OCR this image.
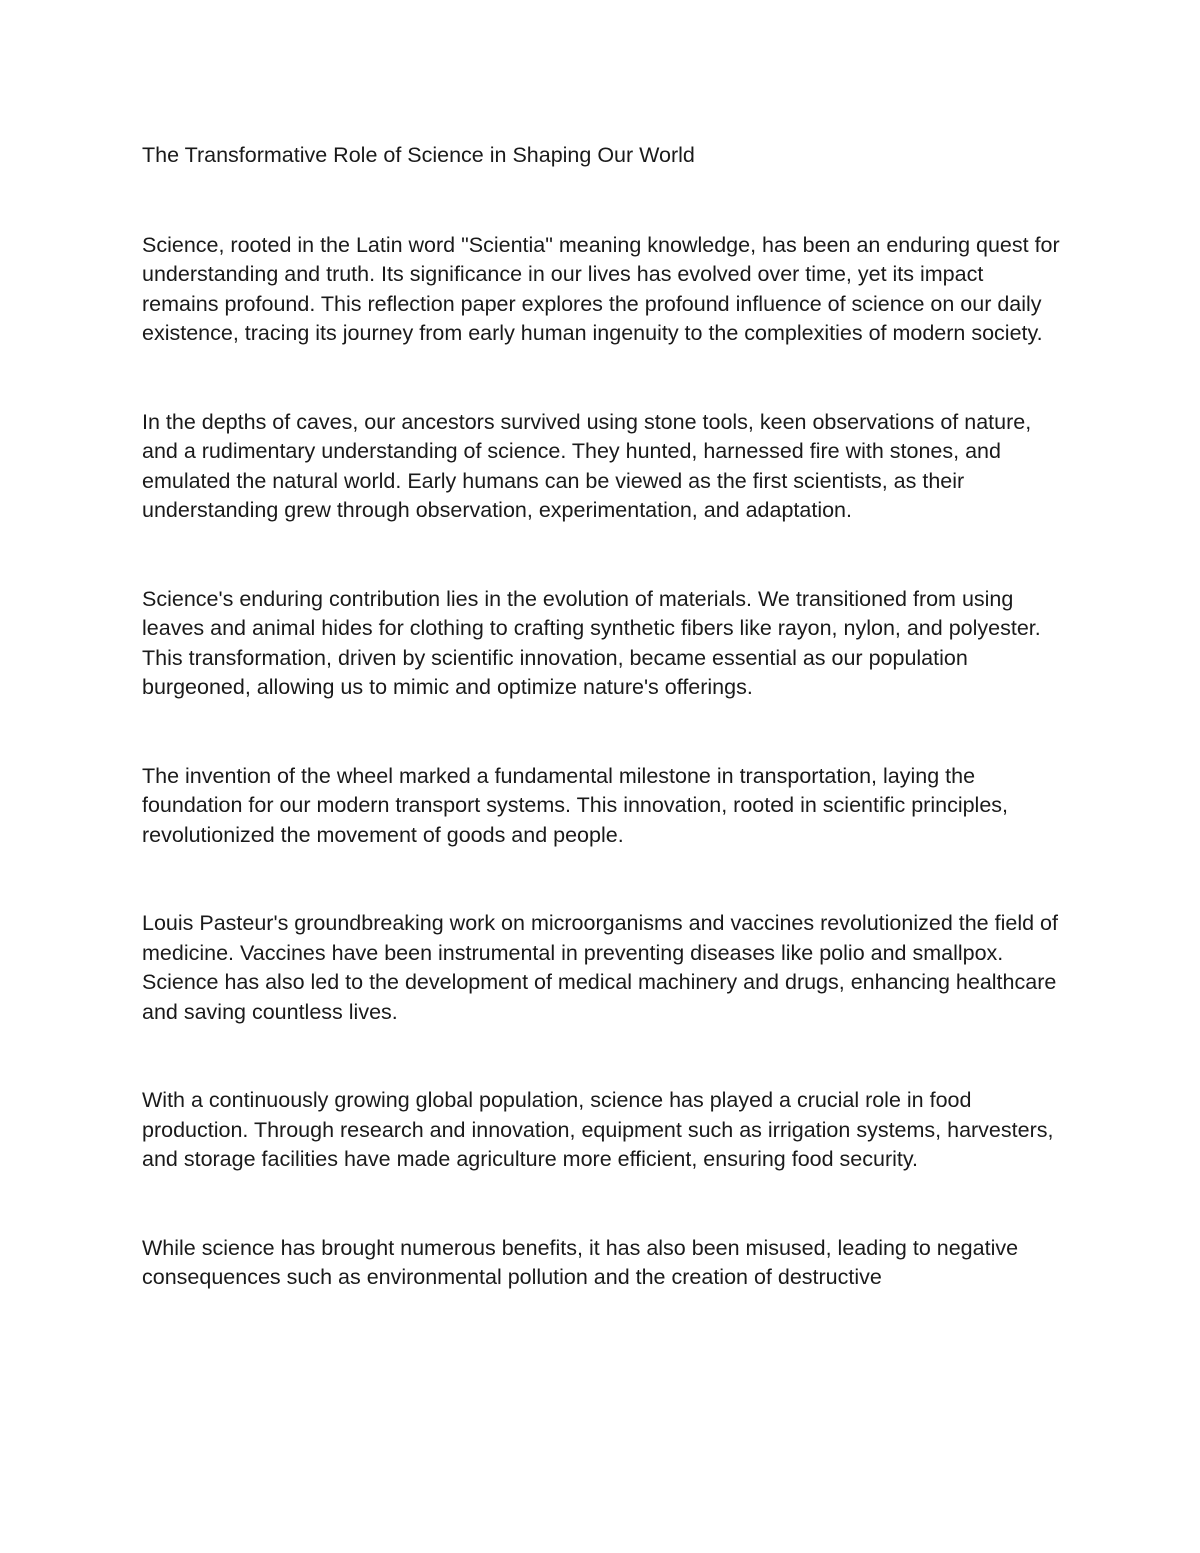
The Transformative Role of Science in Shaping Our World

Science, rooted in the Latin word "Scientia" meaning knowledge, has been an enduring quest for understanding and truth. Its significance in our lives has evolved over time, yet its impact remains profound. This reflection paper explores the profound influence of science on our daily existence, tracing its journey from early human ingenuity to the complexities of modern society.

In the depths of caves, our ancestors survived using stone tools, keen observations of nature, and a rudimentary understanding of science. They hunted, harnessed fire with stones, and emulated the natural world. Early humans can be viewed as the first scientists, as their understanding grew through observation, experimentation, and adaptation.

Science's enduring contribution lies in the evolution of materials. We transitioned from using leaves and animal hides for clothing to crafting synthetic fibers like rayon, nylon, and polyester. This transformation, driven by scientific innovation, became essential as our population burgeoned, allowing us to mimic and optimize nature's offerings.

The invention of the wheel marked a fundamental milestone in transportation, laying the foundation for our modern transport systems. This innovation, rooted in scientific principles, revolutionized the movement of goods and people.

Louis Pasteur's groundbreaking work on microorganisms and vaccines revolutionized the field of medicine. Vaccines have been instrumental in preventing diseases like polio and smallpox. Science has also led to the development of medical machinery and drugs, enhancing healthcare and saving countless lives.

With a continuously growing global population, science has played a crucial role in food production. Through research and innovation, equipment such as irrigation systems, harvesters, and storage facilities have made agriculture more efficient, ensuring food security.

While science has brought numerous benefits, it has also been misused, leading to negative consequences such as environmental pollution and the creation of destructive
